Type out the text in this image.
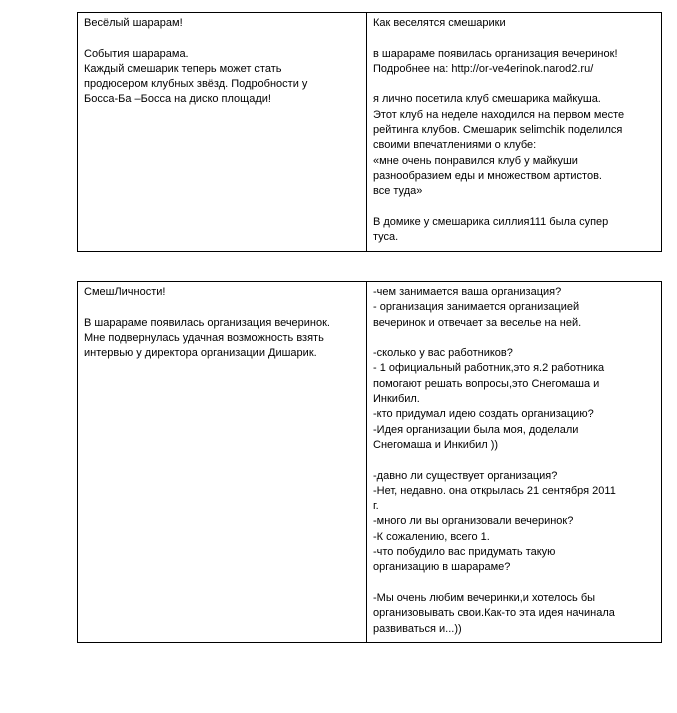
Весёлый шарарам!
События шарарама.
Каждый смешарик теперь может стать
продюсером клубных звёзд. Подробности у
Босса-Ба –Босса на диско площади!

Как веселятся смешарики
в шарараме появилась организация вечеринок!
Подробнее на: http://or-ve4erinok.narod2.ru/
я лично посетила клуб смешарика майкуша.
Этот клуб на неделе находился на первом месте
рейтинга клубов. Смешарик selimchik поделился
своими впечатлениями о клубе:
«мне очень понравился клуб у майкуши
разнообразием еды и множеством артистов.
все туда»
В домике у смешарика силлия111 была супер
туса.
СмешЛичности!
В шарараме появилась организация вечеринок.
Мне подвернулась удачная возможность взять
интервью у директора организации Дишарик.

-чем занимается ваша организация?
- организация занимается организацией
вечеринок и отвечает за веселье на ней.
-сколько у вас работников?
- 1 официальный работник,это я.2 работника
помогают решать вопросы,это Снегомаша и
Инкибил.
-кто придумал идею создать организацию?
-Идея организации была моя, доделали
Снегомаша и Инкибил ))
-давно ли существует организация?
-Нет, недавно. она открылась 21 сентября 2011
г.
-много ли вы организовали вечеринок?
-К сожалению, всего 1.
-что побудило вас придумать такую
организацию в шарараме?
-Мы очень любим вечеринки,и хотелось бы
организовывать свои.Как-то эта идея начинала
развиваться и...))
